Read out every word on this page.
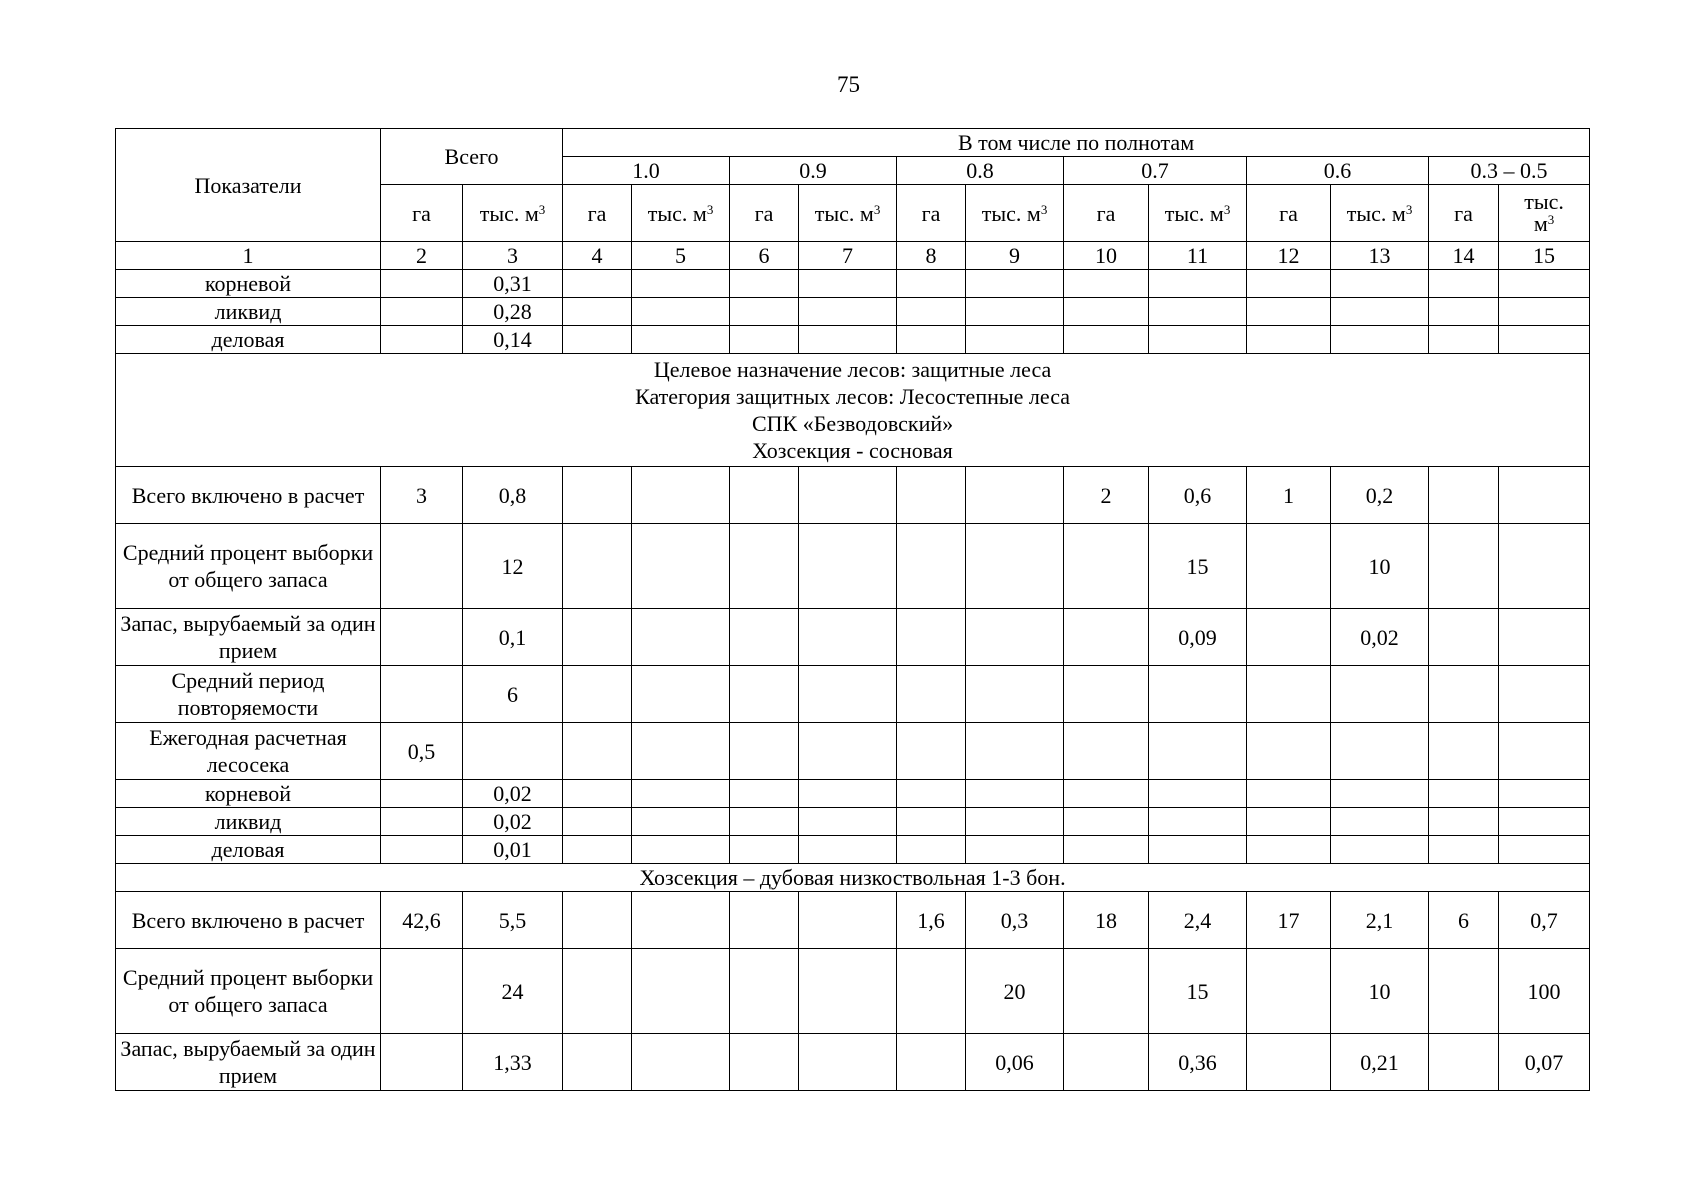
75
Показатели	Всего		В том числе по полнотам											
			1.0		0.9		0.8		0.7		0.6		0.3 – 0.5	
	га	тыс. $м^3$	га	тыс. $м^3$	га	тыс. $м^3$	га	тыс. $м^3$	га	тыс. $м^3$	га	тыс. $м^3$	га	тыс.
$м^3$
1	2	3	4	5	6	7	8	9	10	11	12	13	14	15
корневой		0,31												
ликвид		0,28												
деловая		0,14												

Целевое назначение лесов: защитные леса
Категория защитных лесов: Лесостепные леса
СПК «Безводовский»
Хозсекция - сосновая														

Всего включено в расчет	3	0,8							2	0,6	1	0,2		
Средний процент выборки от общего запаса		12								15		10		
Запас, вырубаемый за один прием		0,1								0,09		0,02		
Средний период повторяемости		6												
Ежегодная расчетная лесосека	0,5													
корневой		0,02												
ликвид		0,02												
деловая		0,01												

Хозсекция – дубовая низкоствольная 1-3 бон.														

Всего включено в расчет	42,6	5,5					1,6	0,3	18	2,4	17	2,1	6	0,7
Средний процент выборки от общего запаса		24						20		15		10		100
Запас, вырубаемый за один прием		1,33						0,06		0,36		0,21		0,07
